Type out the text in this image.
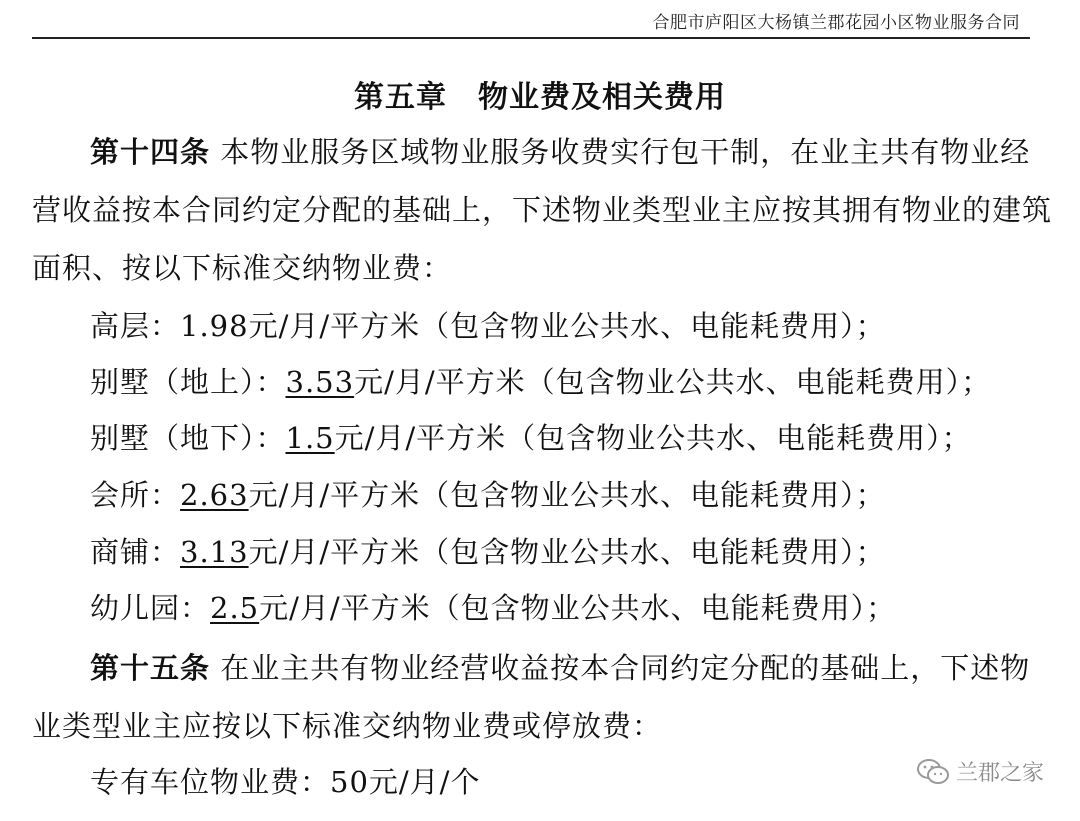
合肥市庐阳区大杨镇兰郡花园小区物业服务合同
第五章　物业费及相关费用
第十四条 本物业服务区域物业服务收费实行包干制，在业主共有物业经
营收益按本合同约定分配的基础上，下述物业类型业主应按其拥有物业的建筑
面积、按以下标准交纳物业费：
高层：1.98元/月/平方米（包含物业公共水、电能耗费用）；
别墅（地上）：3.53元/月/平方米（包含物业公共水、电能耗费用）；
别墅（地下）：1.5元/月/平方米（包含物业公共水、电能耗费用）；
会所：2.63元/月/平方米（包含物业公共水、电能耗费用）；
商铺：3.13元/月/平方米（包含物业公共水、电能耗费用）；
幼儿园：2.5元/月/平方米（包含物业公共水、电能耗费用）；
第十五条 在业主共有物业经营收益按本合同约定分配的基础上，下述物
业类型业主应按以下标准交纳物业费或停放费：
专有车位物业费：50元/月/个	兰郡之家
